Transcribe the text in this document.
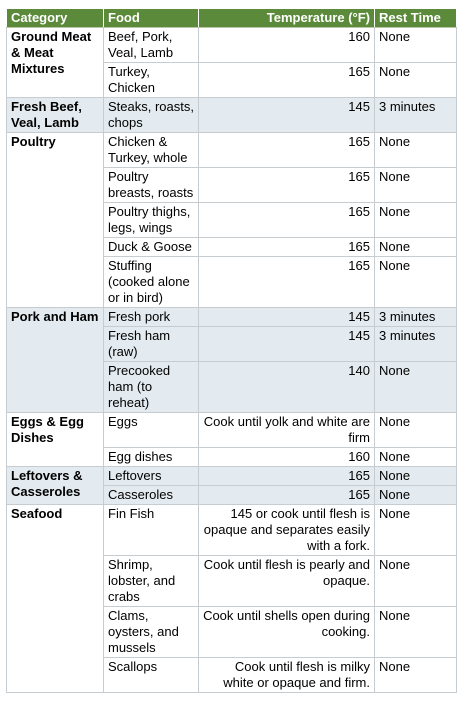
Category	Food	Temperature (°F)	Rest Time
Ground Meat & Meat Mixtures	Beef, Pork, Veal, Lamb	160	None
	Turkey, Chicken	165	None
Fresh Beef, Veal, Lamb	Steaks, roasts, chops	145	3 minutes
Poultry	Chicken & Turkey, whole	165	None
	Poultry breasts, roasts	165	None
	Poultry thighs, legs, wings	165	None
	Duck & Goose	165	None
	Stuffing (cooked alone or in bird)	165	None
Pork and Ham	Fresh pork	145	3 minutes
	Fresh ham (raw)	145	3 minutes
	Precooked ham (to reheat)	140	None
Eggs & Egg Dishes	Eggs	Cook until yolk and white are firm	None
	Egg dishes	160	None
Leftovers & Casseroles	Leftovers	165	None
	Casseroles	165	None
Seafood	Fin Fish	145 or cook until flesh is opaque and separates easily with a fork.	None
	Shrimp, lobster, and crabs	Cook until flesh is pearly and opaque.	None
	Clams, oysters, and mussels	Cook until shells open during cooking.	None
	Scallops	Cook until flesh is milky white or opaque and firm.	None
